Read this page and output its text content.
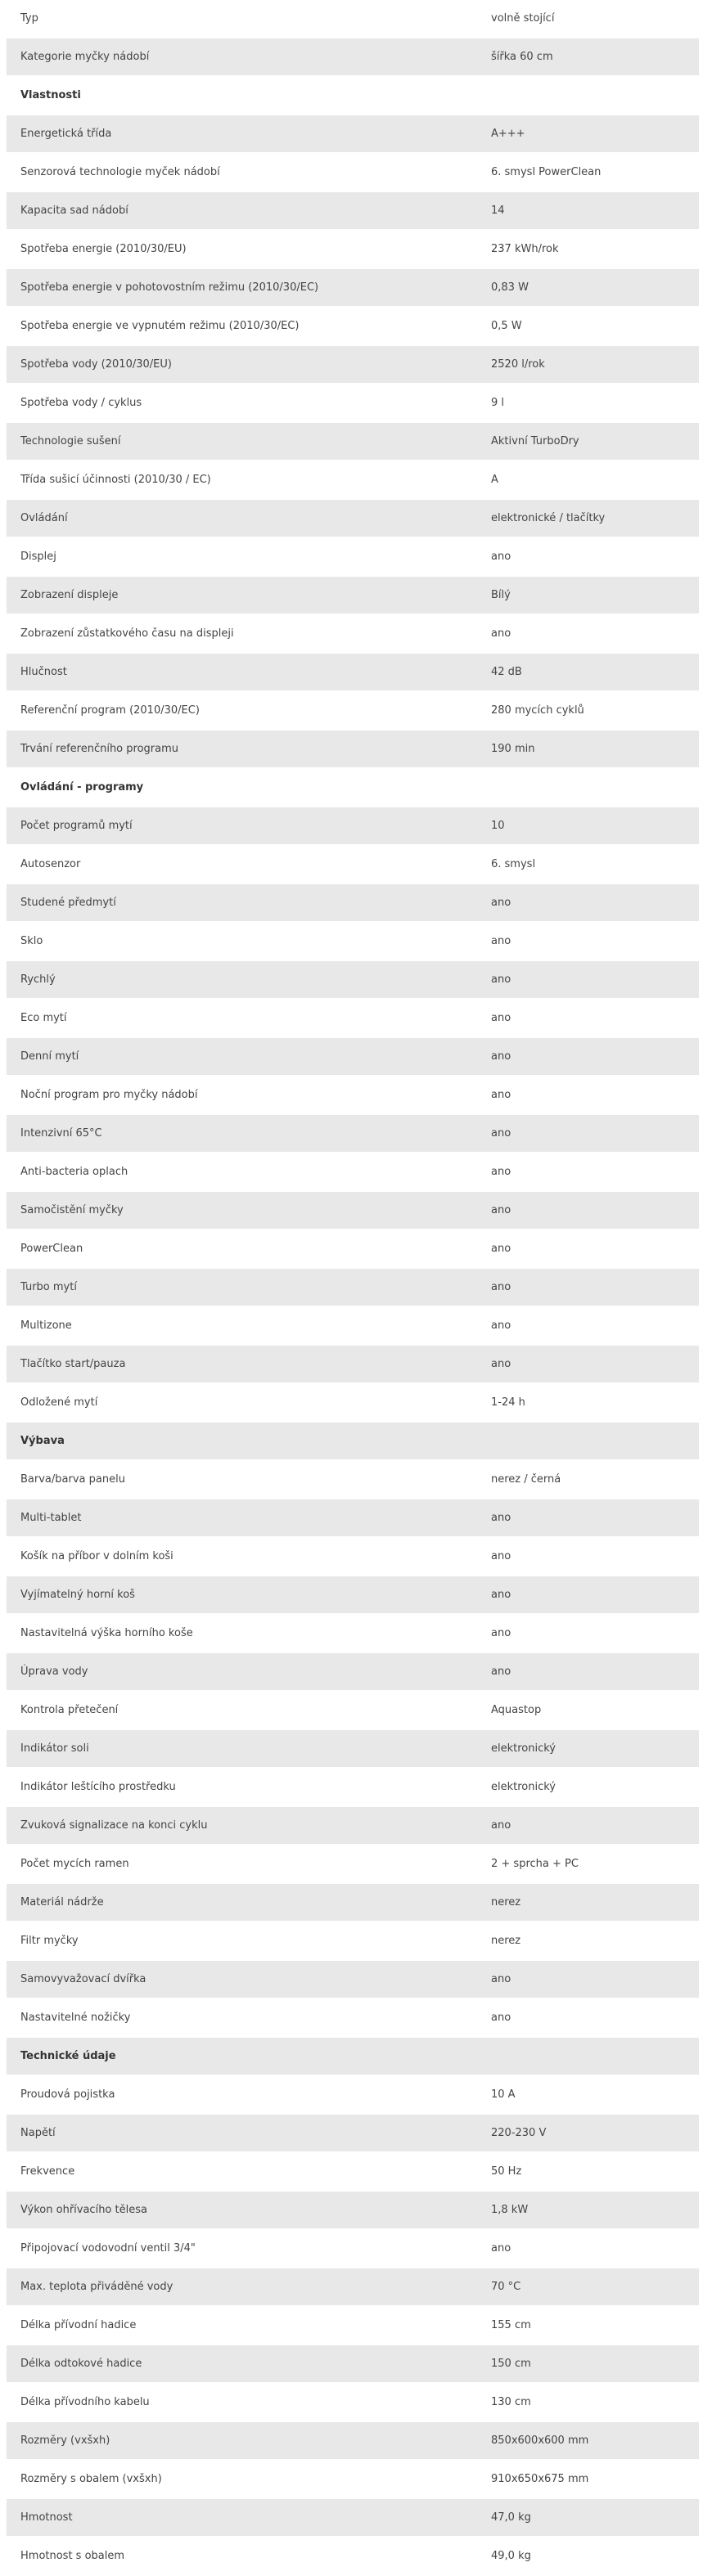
Typ	volně stojící
Kategorie myčky nádobí	šířka 60 cm
Vlastnosti
Energetická třída	A+++
Senzorová technologie myček nádobí	6. smysl PowerClean
Kapacita sad nádobí	14
Spotřeba energie (2010/30/EU)	237 kWh/rok
Spotřeba energie v pohotovostním režimu (2010/30/EC)	0,83 W
Spotřeba energie ve vypnutém režimu (2010/30/EC)	0,5 W
Spotřeba vody (2010/30/EU)	2520 l/rok
Spotřeba vody / cyklus	9 l
Technologie sušení	Aktivní TurboDry
Třída sušicí účinnosti (2010/30 / EC)	A
Ovládání	elektronické / tlačítky
Displej	ano
Zobrazení displeje	Bílý
Zobrazení zůstatkového času na displeji	ano
Hlučnost	42 dB
Referenční program (2010/30/EC)	280 mycích cyklů
Trvání referenčního programu	190 min
Ovládání - programy
Počet programů mytí	10
Autosenzor	6. smysl
Studené předmytí	ano
Sklo	ano
Rychlý	ano
Eco mytí	ano
Denní mytí	ano
Noční program pro myčky nádobí	ano
Intenzivní 65°C	ano
Anti-bacteria oplach	ano
Samočistění myčky	ano
PowerClean	ano
Turbo mytí	ano
Multizone	ano
Tlačítko start/pauza	ano
Odložené mytí	1-24 h
Výbava
Barva/barva panelu	nerez / černá
Multi-tablet	ano
Košík na příbor v dolním koši	ano
Vyjímatelný horní koš	ano
Nastavitelná výška horního koše	ano
Úprava vody	ano
Kontrola přetečení	Aquastop
Indikátor soli	elektronický
Indikátor leštícího prostředku	elektronický
Zvuková signalizace na konci cyklu	ano
Počet mycích ramen	2 + sprcha + PC
Materiál nádrže	nerez
Filtr myčky	nerez
Samovyvažovací dvířka	ano
Nastavitelné nožičky	ano
Technické údaje
Proudová pojistka	10 A
Napětí	220-230 V
Frekvence	50 Hz
Výkon ohřívacího tělesa	1,8 kW
Připojovací vodovodní ventil 3/4"	ano
Max. teplota přiváděné vody	70 °C
Délka přívodní hadice	155 cm
Délka odtokové hadice	150 cm
Délka přívodního kabelu	130 cm
Rozměry (vxšxh)	850x600x600 mm
Rozměry s obalem (vxšxh)	910x650x675 mm
Hmotnost	47,0 kg
Hmotnost s obalem	49,0 kg
